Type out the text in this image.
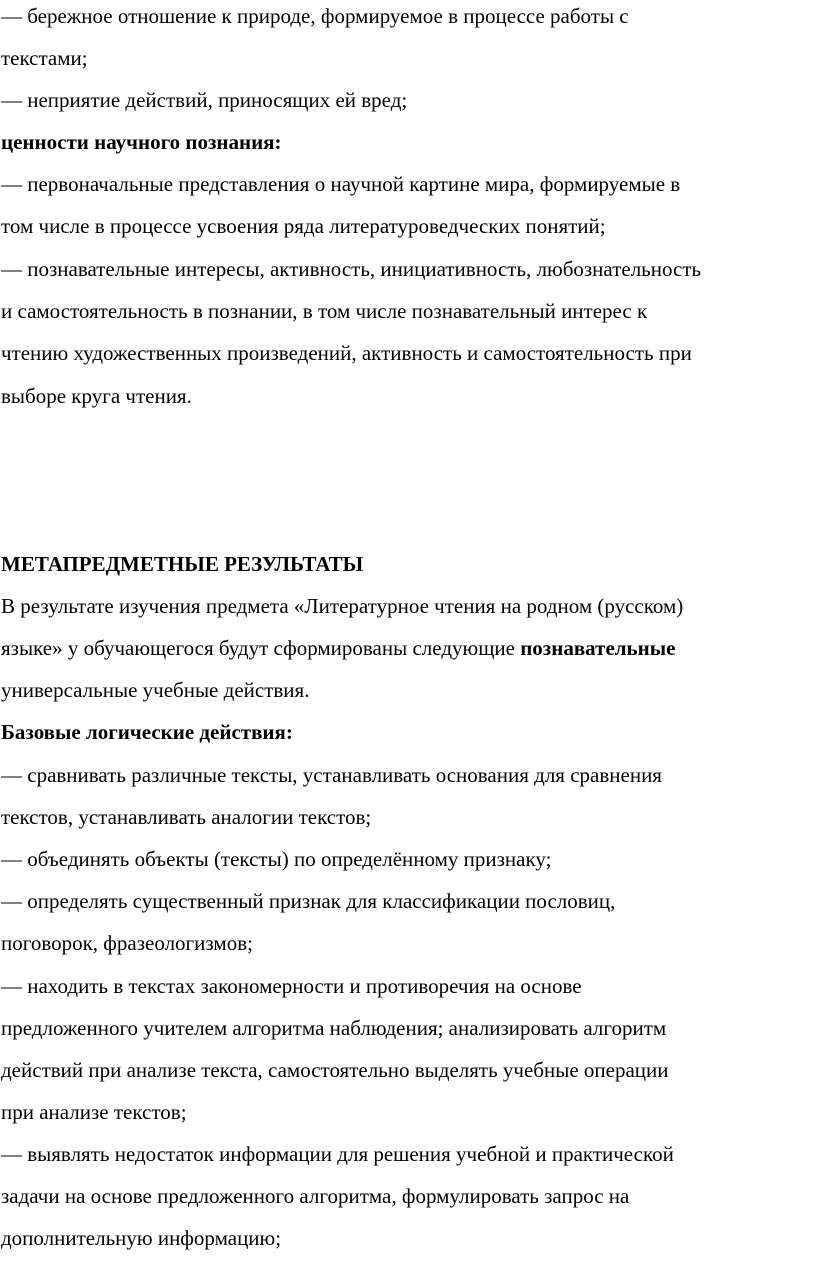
— бережное отношение к природе, формируемое в процессе работы с
текстами;
— неприятие действий, приносящих ей вред;
ценности научного познания:
— первоначальные представления о научной картине мира, формируемые в
том числе в процессе усвоения ряда литературоведческих понятий;
— познавательные интересы, активность, инициативность, любознательность
и самостоятельность в познании, в том числе познавательный интерес к
чтению художественных произведений, активность и самостоятельность при
выборе круга чтения.
МЕТАПРЕДМЕТНЫЕ РЕЗУЛЬТАТЫ
В результате изучения предмета «Литературное чтения на родном (русском)
языке» у обучающегося будут сформированы следующие познавательные
универсальные учебные действия.
Базовые логические действия:
— сравнивать различные тексты, устанавливать основания для сравнения
текстов, устанавливать аналогии текстов;
— объединять объекты (тексты) по определённому признаку;
— определять существенный признак для классификации пословиц,
поговорок, фразеологизмов;
— находить в текстах закономерности и противоречия на основе
предложенного учителем алгоритма наблюдения; анализировать алгоритм
действий при анализе текста, самостоятельно выделять учебные операции
при анализе текстов;
— выявлять недостаток информации для решения учебной и практической
задачи на основе предложенного алгоритма, формулировать запрос на
дополнительную информацию;
